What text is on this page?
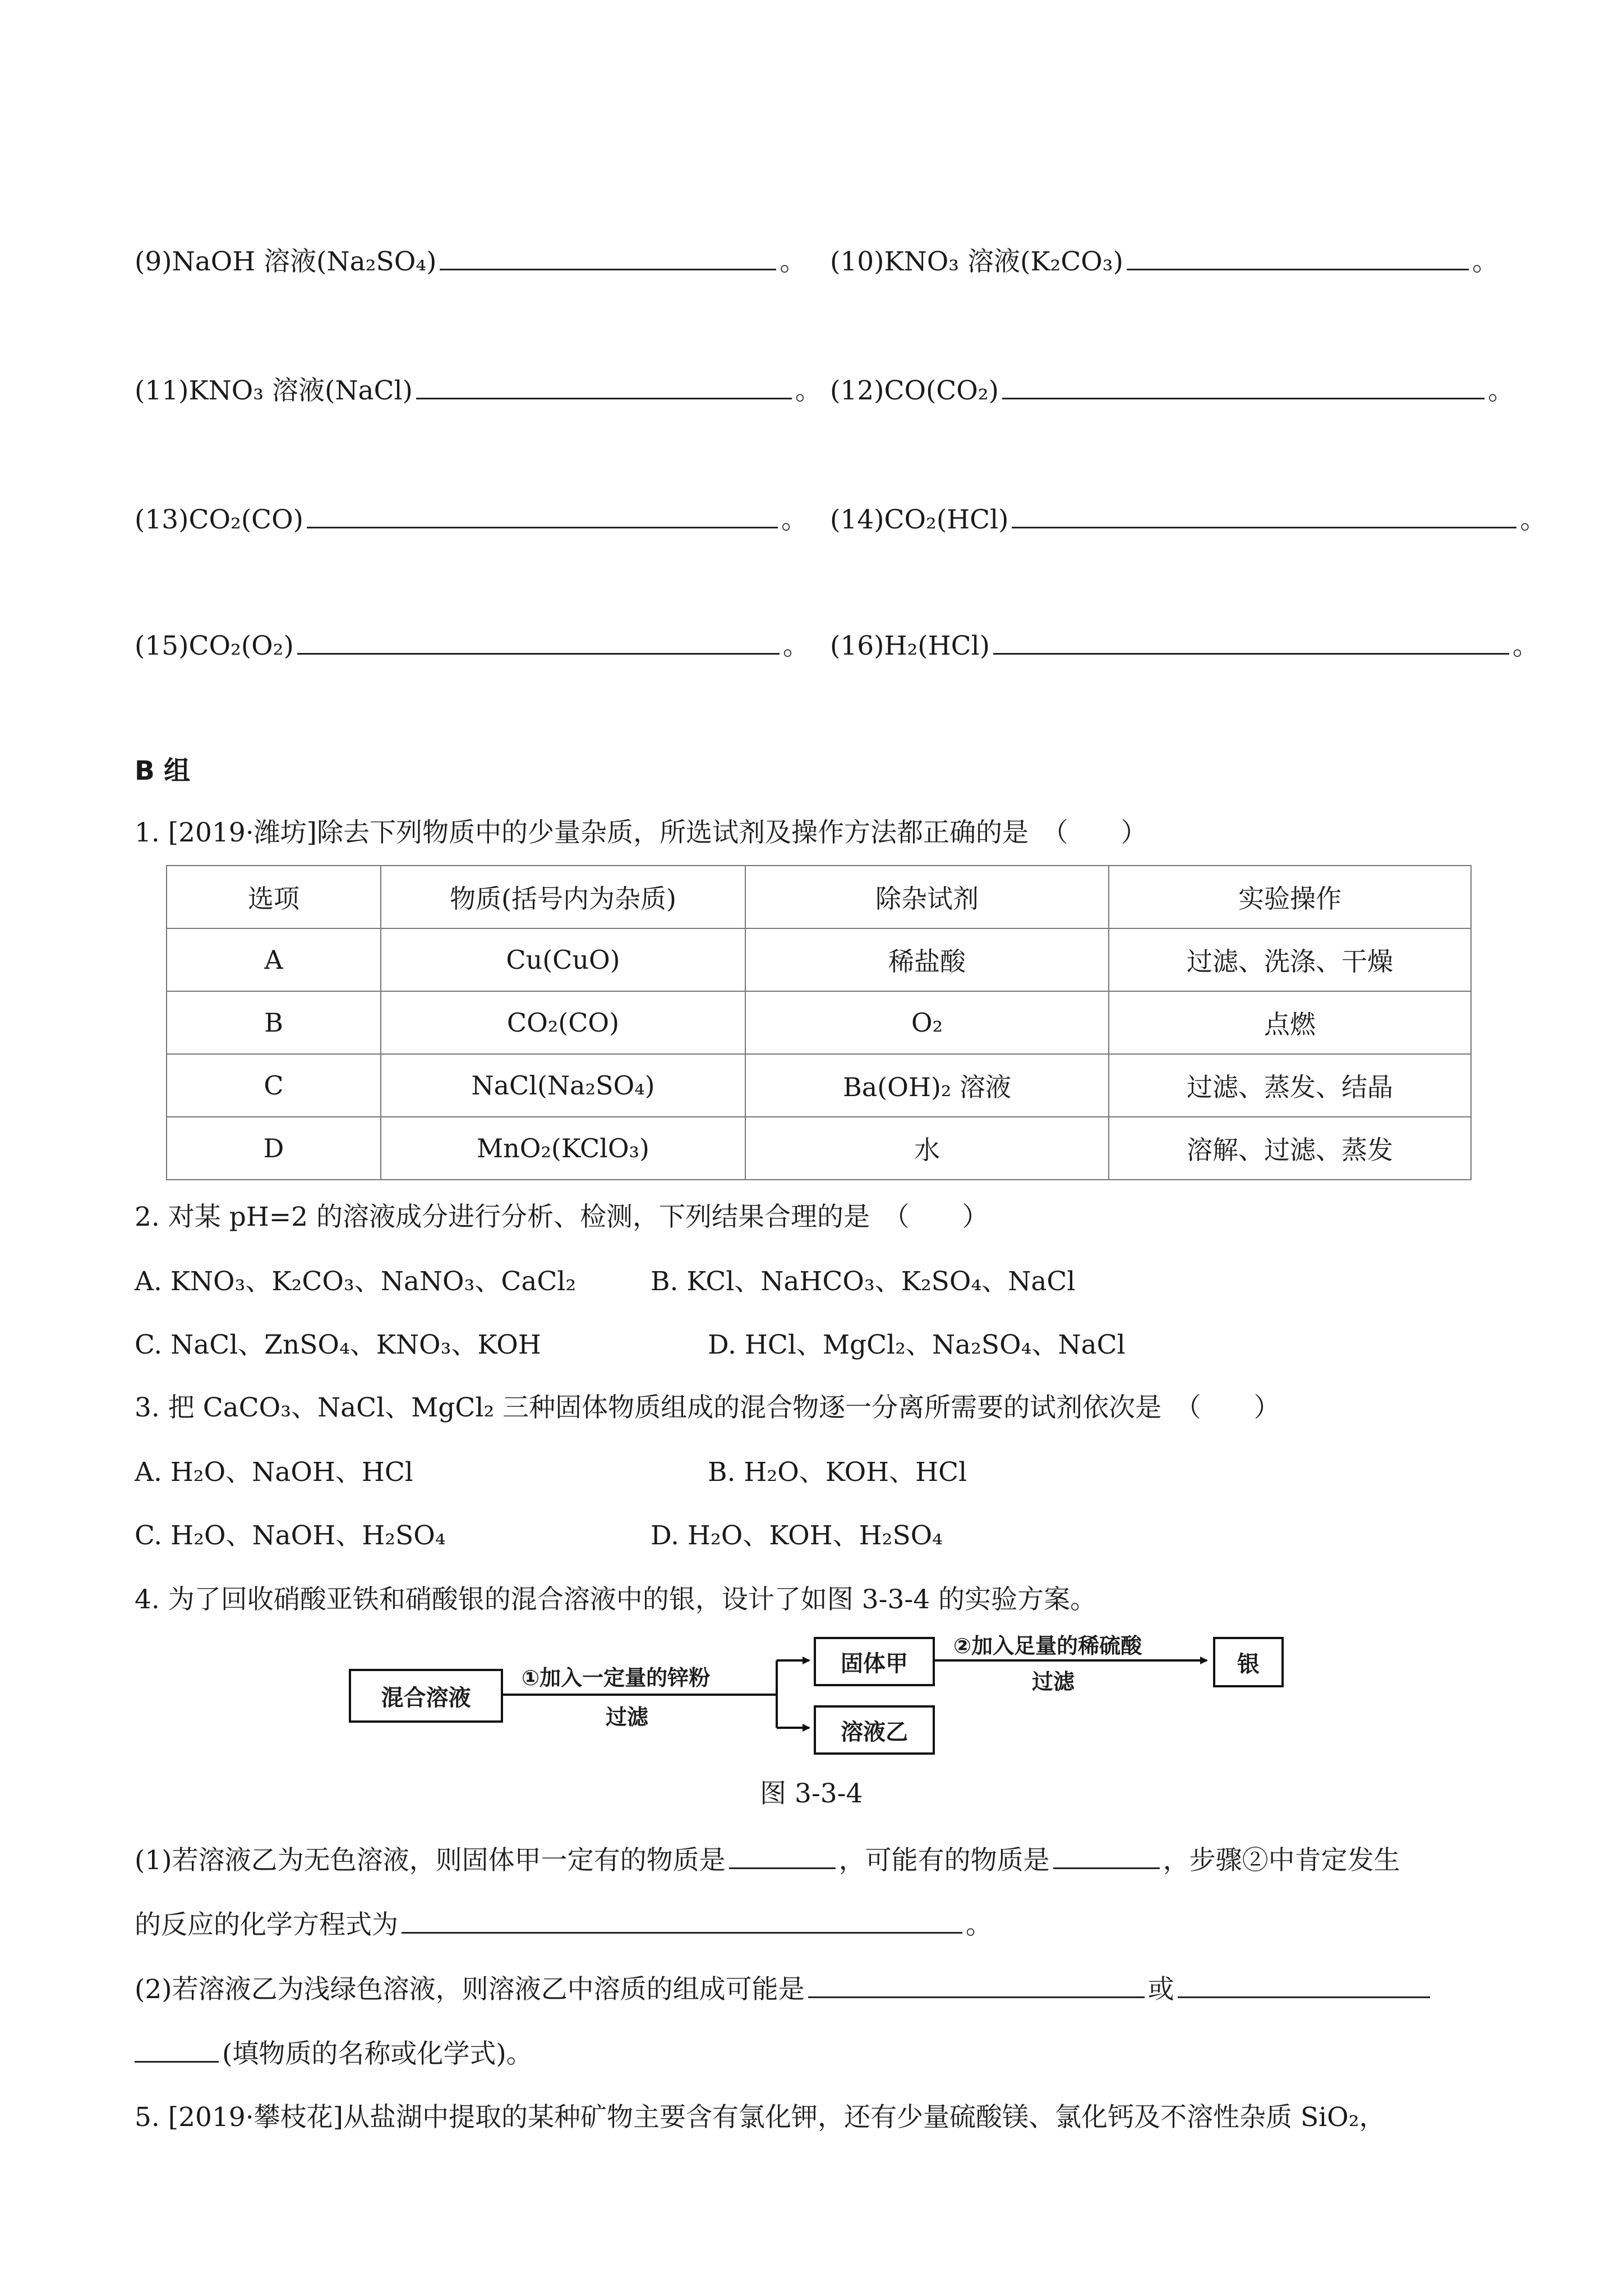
(9)NaOH 溶液(Na₂SO₄)	。 (10)KNO₃ 溶液(K₂CO₃)	。
(11)KNO₃ 溶液(NaCl)	。 (12)CO(CO₂)	。
(13)CO₂(CO)	。 (14)CO₂(HCl)	。
(15)CO₂(O₂)	。 (16)H₂(HCl)	。
B 组
1. [2019·潍坊]除去下列物质中的少量杂质，所选试剂及操作方法都正确的是　（　　）
选项	物质(括号内为杂质)	除杂试剂	实验操作
A	Cu(CuO)	稀盐酸	过滤、洗涤、干燥
B	CO₂(CO)	O₂	点燃
C	NaCl(Na₂SO₄)	Ba(OH)₂ 溶液	过滤、蒸发、结晶
D	MnO₂(KClO₃)	水	溶解、过滤、蒸发
2. 对某 pH=2 的溶液成分进行分析、检测，下列结果合理的是　（　　）
A. KNO₃、K₂CO₃、NaNO₃、CaCl₂	B. KCl、NaHCO₃、K₂SO₄、NaCl
C. NaCl、ZnSO₄、KNO₃、KOH	D. HCl、MgCl₂、Na₂SO₄、NaCl
3. 把 CaCO₃、NaCl、MgCl₂ 三种固体物质组成的混合物逐一分离所需要的试剂依次是　（　　）
A. H₂O、NaOH、HCl	B. H₂O、KOH、HCl
C. H₂O、NaOH、H₂SO₄	D. H₂O、KOH、H₂SO₄
4. 为了回收硝酸亚铁和硝酸银的混合溶液中的银，设计了如图 3-3-4 的实验方案。
混合溶液
①加入一定量的锌粉
过滤
固体甲
溶液乙
②加入足量的稀硫酸
过滤
银
图 3-3-4
(1)若溶液乙为无色溶液，则固体甲一定有的物质是	，可能有的物质是	，步骤②中肯定发生
的反应的化学方程式为	。
(2)若溶液乙为浅绿色溶液，则溶液乙中溶质的组成可能是	或
(填物质的名称或化学式)。
5. [2019·攀枝花]从盐湖中提取的某种矿物主要含有氯化钾，还有少量硫酸镁、氯化钙及不溶性杂质 SiO₂，
